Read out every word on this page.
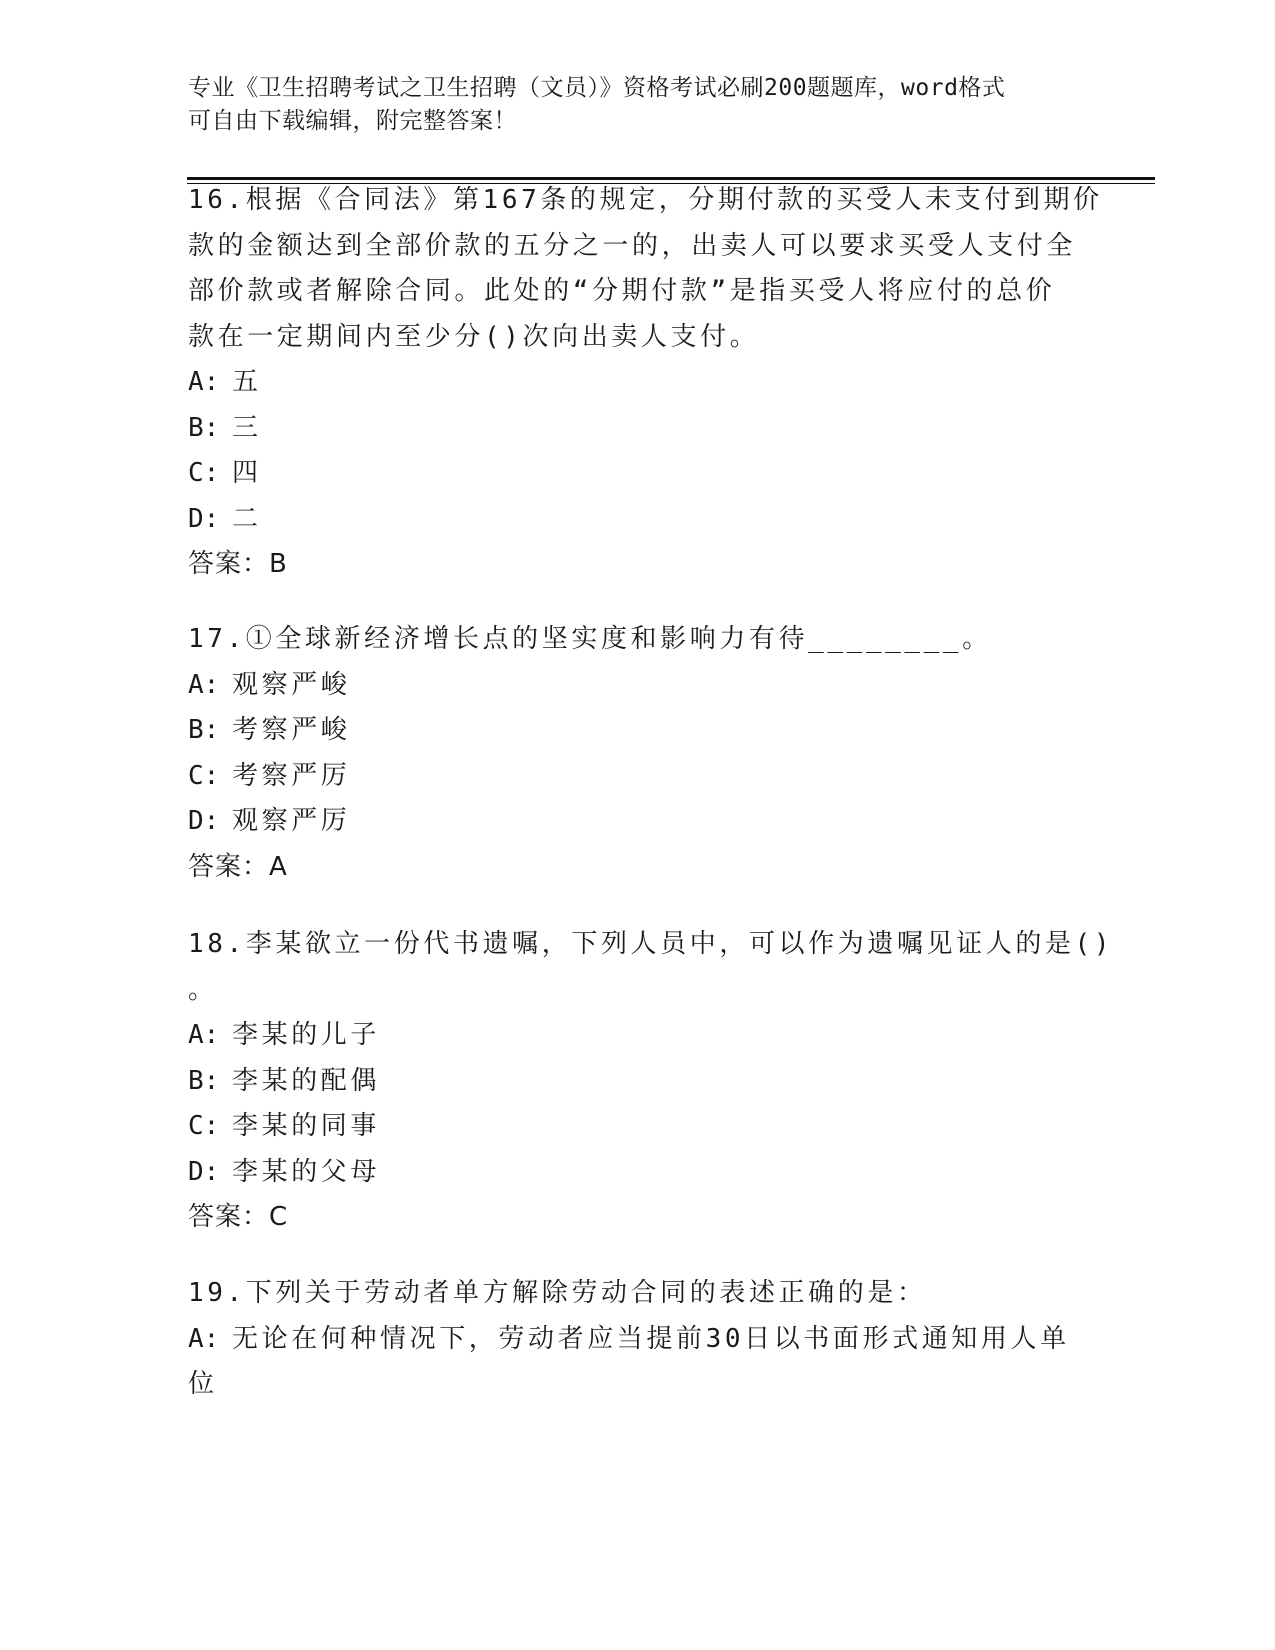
专业《卫生招聘考试之卫生招聘（文员）》资格考试必刷200题题库，word格式
可自由下载编辑，附完整答案！
16.根据《合同法》第167条的规定，分期付款的买受人未支付到期价
款的金额达到全部价款的五分之一的，出卖人可以要求买受人支付全
部价款或者解除合同。此处的“分期付款”是指买受人将应付的总价
款在一定期间内至少分()次向出卖人支付。
A: 五
B: 三
C: 四
D: 二
答案：B
17.①全球新经济增长点的坚实度和影响力有待________。
A: 观察严峻
B: 考察严峻
C: 考察严厉
D: 观察严厉
答案：A
18.李某欲立一份代书遗嘱，下列人员中，可以作为遗嘱见证人的是()
。
A: 李某的儿子
B: 李某的配偶
C: 李某的同事
D: 李某的父母
答案：C
19.下列关于劳动者单方解除劳动合同的表述正确的是：
A: 无论在何种情况下，劳动者应当提前30日以书面形式通知用人单
位
